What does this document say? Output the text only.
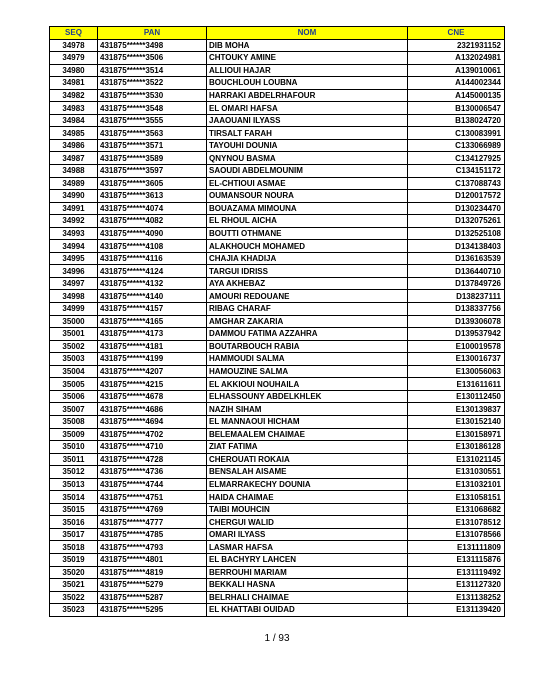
SEQ	PAN	NOM	CNE
34978	431875******3498	DIB MOHA	2321931152
34979	431875******3506	CHTOUKY AMINE	A132024981
34980	431875******3514	ALLIOUI HAJAR	A139010061
34981	431875******3522	BOUCHLOUH LOUBNA	A144002344
34982	431875******3530	HARRAKI ABDELRHAFOUR	A145000135
34983	431875******3548	EL OMARI HAFSA	B130006547
34984	431875******3555	JAAOUANI ILYASS	B138024720
34985	431875******3563	TIRSALT FARAH	C130083991
34986	431875******3571	TAYOUHI DOUNIA	C133066989
34987	431875******3589	QNYNOU BASMA	C134127925
34988	431875******3597	SAOUDI ABDELMOUNIM	C134151172
34989	431875******3605	EL-CHTIOUI ASMAE	C137088743
34990	431875******3613	OUMANSOUR NOURA	D120017572
34991	431875******4074	BOUAZAMA MIMOUNA	D130234470
34992	431875******4082	EL RHOUL AICHA	D132075261
34993	431875******4090	BOUTTI OTHMANE	D132525108
34994	431875******4108	ALAKHOUCH MOHAMED	D134138403
34995	431875******4116	CHAJIA KHADIJA	D136163539
34996	431875******4124	TARGUI IDRISS	D136440710
34997	431875******4132	AYA AKHEBAZ	D137849726
34998	431875******4140	AMOURI REDOUANE	D138237111
34999	431875******4157	RIBAG CHARAF	D138337756
35000	431875******4165	AMGHAR ZAKARIA	D139306078
35001	431875******4173	DAMMOU FATIMA AZZAHRA	D139537942
35002	431875******4181	BOUTARBOUCH RABIA	E100019578
35003	431875******4199	HAMMOUDI SALMA	E130016737
35004	431875******4207	HAMOUZINE SALMA	E130056063
35005	431875******4215	EL AKKIOUI NOUHAILA	E131611611
35006	431875******4678	ELHASSOUNY ABDELKHLEK	E130112450
35007	431875******4686	NAZIH SIHAM	E130139837
35008	431875******4694	EL MANNAOUI HICHAM	E130152140
35009	431875******4702	BELEMAALEM CHAIMAE	E130158971
35010	431875******4710	ZIAT FATIMA	E130186128
35011	431875******4728	CHEROUATI ROKAIA	E131021145
35012	431875******4736	BENSALAH AISAME	E131030551
35013	431875******4744	ELMARRAKECHY DOUNIA	E131032101
35014	431875******4751	HAIDA CHAIMAE	E131058151
35015	431875******4769	TAIBI MOUHCIN	E131068682
35016	431875******4777	CHERGUI WALID	E131078512
35017	431875******4785	OMARI ILYASS	E131078566
35018	431875******4793	LASMAR HAFSA	E131111809
35019	431875******4801	EL BACHYRY LAHCEN	E131115876
35020	431875******4819	BERROUHI MARIAM	E131119492
35021	431875******5279	BEKKALI HASNA	E131127320
35022	431875******5287	BELRHALI CHAIMAE	E131138252
35023	431875******5295	EL KHATTABI OUIDAD	E131139420
1 / 93
